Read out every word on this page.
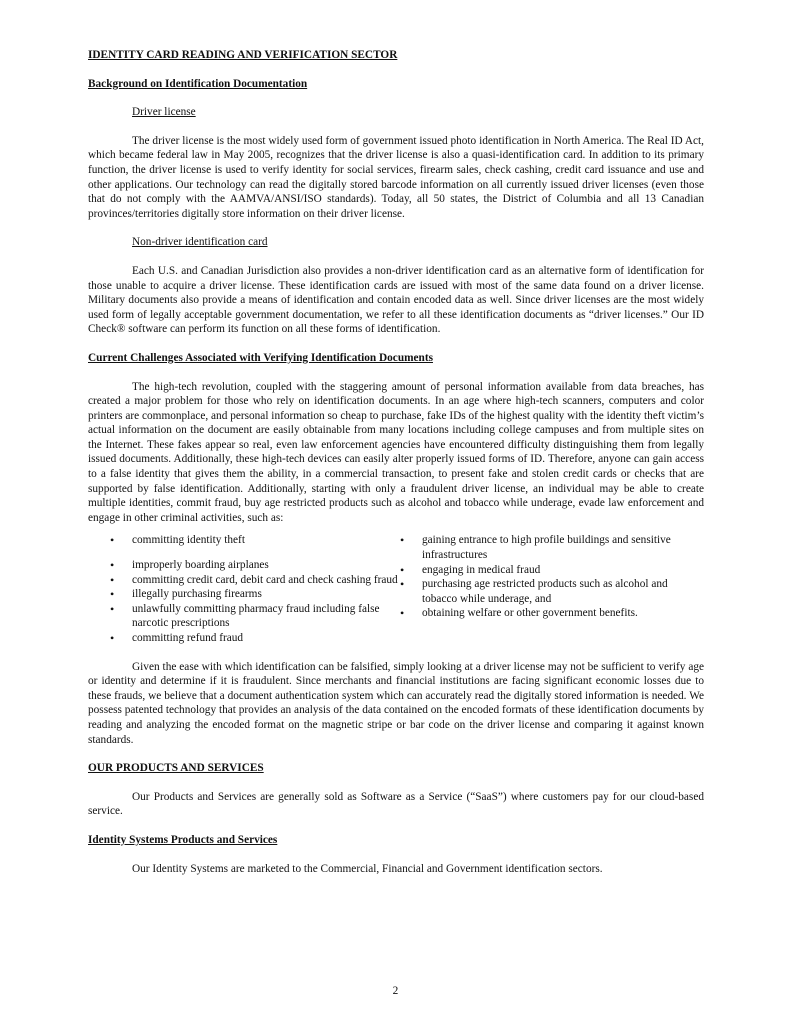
IDENTITY CARD READING AND VERIFICATION SECTOR
Background on Identification Documentation
Driver license

The driver license is the most widely used form of government issued photo identification in North America. The Real ID Act, which became federal law in May 2005, recognizes that the driver license is also a quasi-identification card. In addition to its primary function, the driver license is used to verify identity for social services, firearm sales, check cashing, credit card issuance and use and other applications. Our technology can read the digitally stored barcode information on all currently issued driver licenses (even those that do not comply with the AAMVA/ANSI/ISO standards). Today, all 50 states, the District of Columbia and all 13 Canadian provinces/territories digitally store information on their driver license.

Non-driver identification card

Each U.S. and Canadian Jurisdiction also provides a non-driver identification card as an alternative form of identification for those unable to acquire a driver license. These identification cards are issued with most of the same data found on a driver license. Military documents also provide a means of identification and contain encoded data as well. Since driver licenses are the most widely used form of legally acceptable government documentation, we refer to all these identification documents as “driver licenses.” Our ID Check® software can perform its function on all these forms of identification.

Current Challenges Associated with Verifying Identification Documents

The high-tech revolution, coupled with the staggering amount of personal information available from data breaches, has created a major problem for those who rely on identification documents. In an age where high-tech scanners, computers and color printers are commonplace, and personal information so cheap to purchase, fake IDs of the highest quality with the identity theft victim’s actual information on the document are easily obtainable from many locations including college campuses and from multiple sites on the Internet. These fakes appear so real, even law enforcement agencies have encountered difficulty distinguishing them from legally issued documents. Additionally, these high-tech devices can easily alter properly issued forms of ID. Therefore, anyone can gain access to a false identity that gives them the ability, in a commercial transaction, to present fake and stolen credit cards or checks that are supported by false identification. Additionally, starting with only a fraudulent driver license, an individual may be able to create multiple identities, commit fraud, buy age restricted products such as alcohol and tobacco while underage, evade law enforcement and engage in other criminal activities, such as:

• committing identity theft
• improperly boarding airplanes
• committing credit card, debit card and check cashing fraud
• illegally purchasing firearms
• unlawfully committing pharmacy fraud including false narcotic prescriptions
• committing refund fraud
• gaining entrance to high profile buildings and sensitive infrastructures
• engaging in medical fraud
• purchasing age restricted products such as alcohol and tobacco while underage, and
• obtaining welfare or other government benefits.

Given the ease with which identification can be falsified, simply looking at a driver license may not be sufficient to verify age or identity and determine if it is fraudulent. Since merchants and financial institutions are facing significant economic losses due to these frauds, we believe that a document authentication system which can accurately read the digitally stored information is needed. We possess patented technology that provides an analysis of the data contained on the encoded formats of these identification documents by reading and analyzing the encoded format on the magnetic stripe or bar code on the driver license and comparing it against known standards.

OUR PRODUCTS AND SERVICES

Our Products and Services are generally sold as Software as a Service (“SaaS”) where customers pay for our cloud-based service.

Identity Systems Products and Services

Our Identity Systems are marketed to the Commercial, Financial and Government identification sectors.

2
